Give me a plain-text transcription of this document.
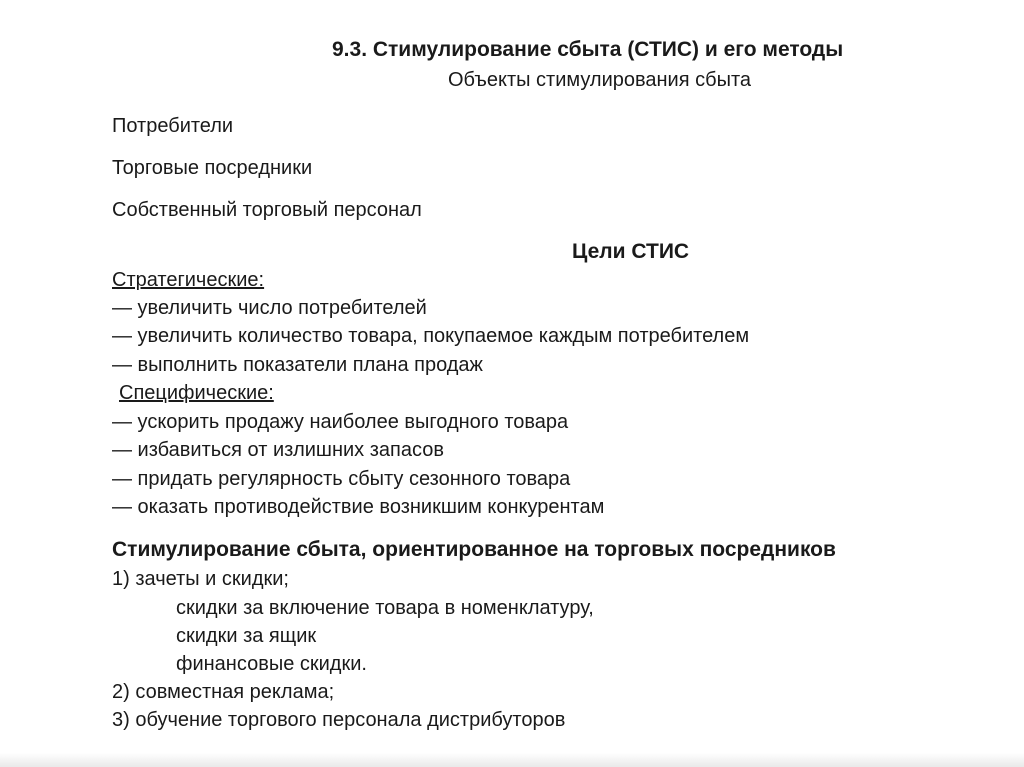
9.3. Стимулирование сбыта (СТИС) и его методы
Объекты стимулирования сбыта
Потребители
Торговые посредники
Собственный торговый персонал
Цели СТИС
Стратегические:
— увеличить число потребителей
— увеличить количество товара, покупаемое каждым потребителем
— выполнить показатели плана продаж
Специфические:
— ускорить продажу наиболее выгодного товара
— избавиться от излишних запасов
— придать регулярность сбыту сезонного товара
— оказать противодействие возникшим конкурентам
Стимулирование сбыта, ориентированное на торговых посредников
1) зачеты и скидки;
скидки за включение товара в номенклатуру,
скидки за ящик
финансовые скидки.
2) совместная реклама;
3) обучение торгового персонала дистрибуторов
